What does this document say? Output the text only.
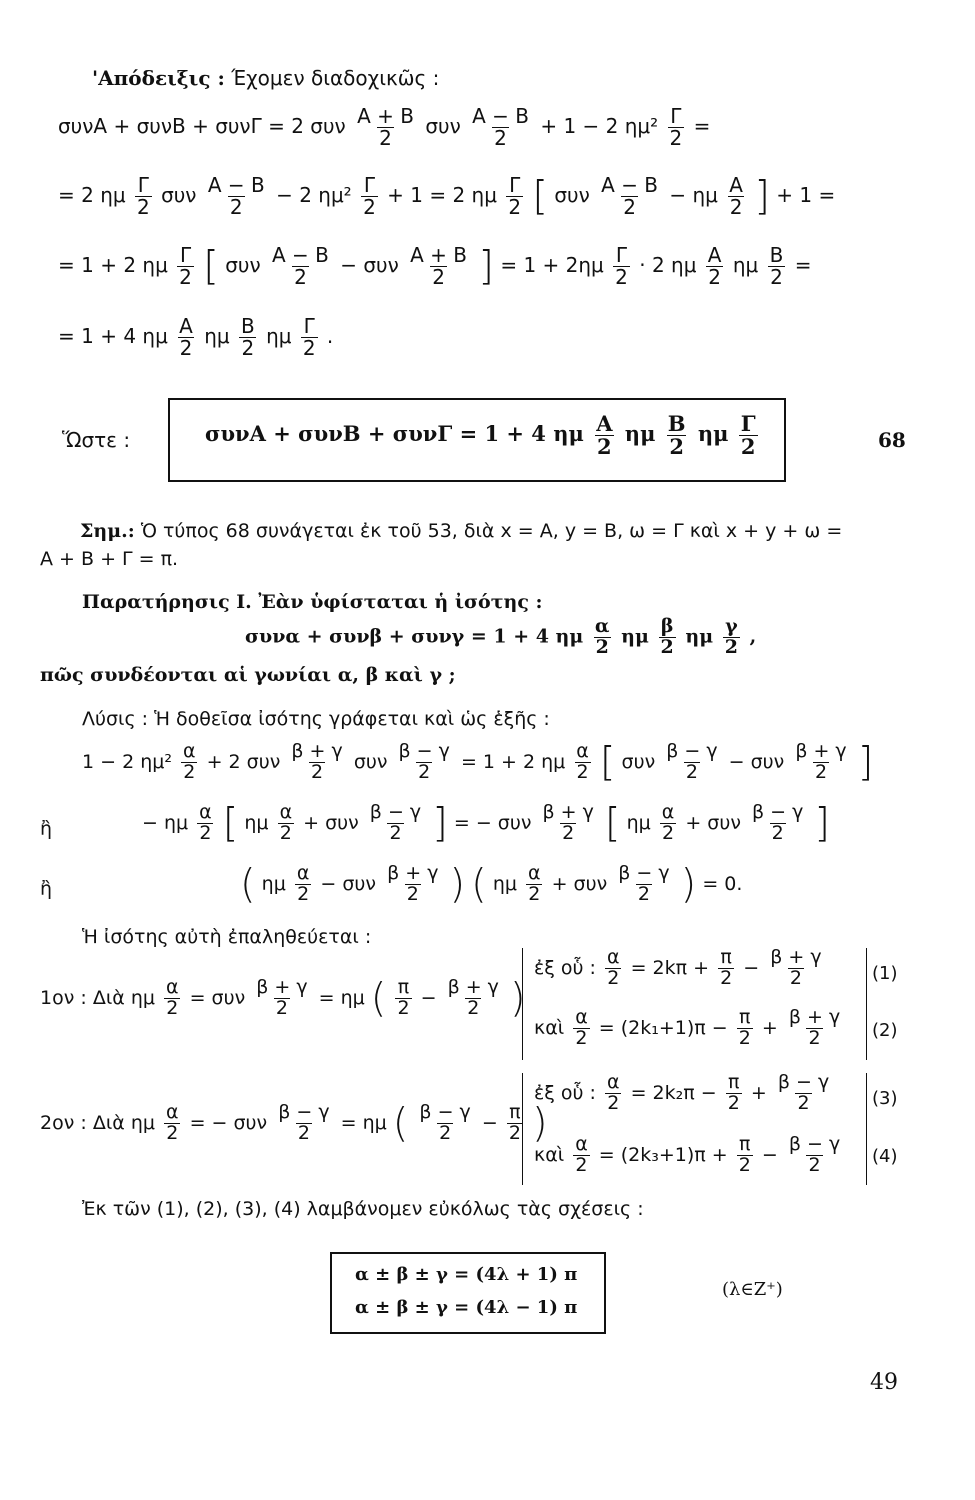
'Απόδειξις : Έχομεν διαδοχικῶς :
συνΑ + συνΒ + συνΓ = 2 συν $\frac{A + B}{2}$ συν $\frac{A - B}{2} + 1 - 2$ $\eta\mu^2 \frac{\Gamma}{2}$ =
= 2 ημ $\frac{\Gamma}{2}$ συν $\frac{A - B}{2} - 2$ $\eta\mu^2 \frac{\Gamma}{2} + 1 = 2$ ημ $\frac{\Gamma}{2}$ [ συν $\frac{A - B}{2} - \eta\mu \frac{A}{2}$ ] + 1 =
= 1 + 2 ημ $\frac{\Gamma}{2}$ [ συν $\frac{A - B}{2} - \sigma\upsilon\nu \frac{A + B}{2}$ ] = $1 + 2\eta\mu \frac{\Gamma}{2} \cdot 2$ ημ $\frac{A}{2}$ ημ $\frac{B}{2}$ =
= 1 + 4 ημ $\frac{A}{2}$ ημ $\frac{B}{2}$ ημ $\frac{\Gamma}{2}$ .
Ὥστε :	συνΑ + συνΒ + συνΓ = 1 + 4 ημ $\frac{A}{2}$ ημ $\frac{B}{2}$ ημ $\frac{\Gamma}{2}$	68
Σημ.: Ὁ τύπος 68 συνάγεται ἐκ τοῦ 53, διὰ x = Α, y = Β, ω = Γ καὶ x + y + ω =
Α + Β + Γ = π.
Παρατήρησις Ι. Ἐὰν ὑφίσταται ἡ ἰσότης :
συνα + συνβ + συνγ = 1 + 4 ημ $\frac{\alpha}{2}$ ημ $\frac{\beta}{2}$ ημ $\frac{\gamma}{2}$ ,
πῶς συνδέονται αἱ γωνίαι α, β καὶ γ ;
Λύσις : Ἡ δοθεῖσα ἰσότης γράφεται καὶ ὡς ἑξῆς :
1 − 2 $\eta\mu^2 \frac{\alpha}{2} + 2$ συν $\frac{\beta + \gamma}{2}$ συν $\frac{\beta - \gamma}{2} = 1 + 2$ ημ $\frac{\alpha}{2}$ [ συν $\frac{\beta - \gamma}{2} - \sigma\upsilon\nu \frac{\beta + \gamma}{2}$ ]
ἢ	− ημ $\frac{\alpha}{2}$ [ ημ $\frac{\alpha}{2} + \sigma\upsilon\nu \frac{\beta - \gamma}{2}$ ] = − συν $\frac{\beta + \gamma}{2}$ [ ημ $\frac{\alpha}{2} + \sigma\upsilon\nu \frac{\beta - \gamma}{2}$ ]
ἢ	( ημ $\frac{\alpha}{2} - \sigma\upsilon\nu \frac{\beta + \gamma}{2}$ ) ( ημ $\frac{\alpha}{2} + \sigma\upsilon\nu \frac{\beta - \gamma}{2}$ ) = 0.
Ἡ ἰσότης αὐτὴ ἐπαληθεύεται :
1ον : Διὰ ημ $\frac{\alpha}{2} = \sigma\upsilon\nu \frac{\beta + \gamma}{2} = \eta\mu$ ( $\frac{\pi}{2} - \frac{\beta + \gamma}{2}$ )
ἐξ οὗ : $\frac{\alpha}{2} = 2k\pi + \frac{\pi}{2} - \frac{\beta + \gamma}{2}$
καὶ $\frac{\alpha}{2} = (2k_1+1)\pi - \frac{\pi}{2} + \frac{\beta + \gamma}{2}$
(1)
(2)
2ον : Διὰ ημ $\frac{\alpha}{2}$ = − συν $\frac{\beta - \gamma}{2} = \eta\mu$ ( $\frac{\beta - \gamma}{2} - \frac{\pi}{2}$ )
ἐξ οὗ : $\frac{\alpha}{2} = 2k_2\pi - \frac{\pi}{2} + \frac{\beta - \gamma}{2}$
καὶ $\frac{\alpha}{2} = (2k_3+1)\pi + \frac{\pi}{2} - \frac{\beta - \gamma}{2}$
(3)
(4)
Ἐκ τῶν (1), (2), (3), (4) λαμβάνομεν εὐκόλως τὰς σχέσεις :
α ± β ± γ = (4λ + 1) π
α ± β ± γ = (4λ − 1) π
(λ∈Z⁺)
49
